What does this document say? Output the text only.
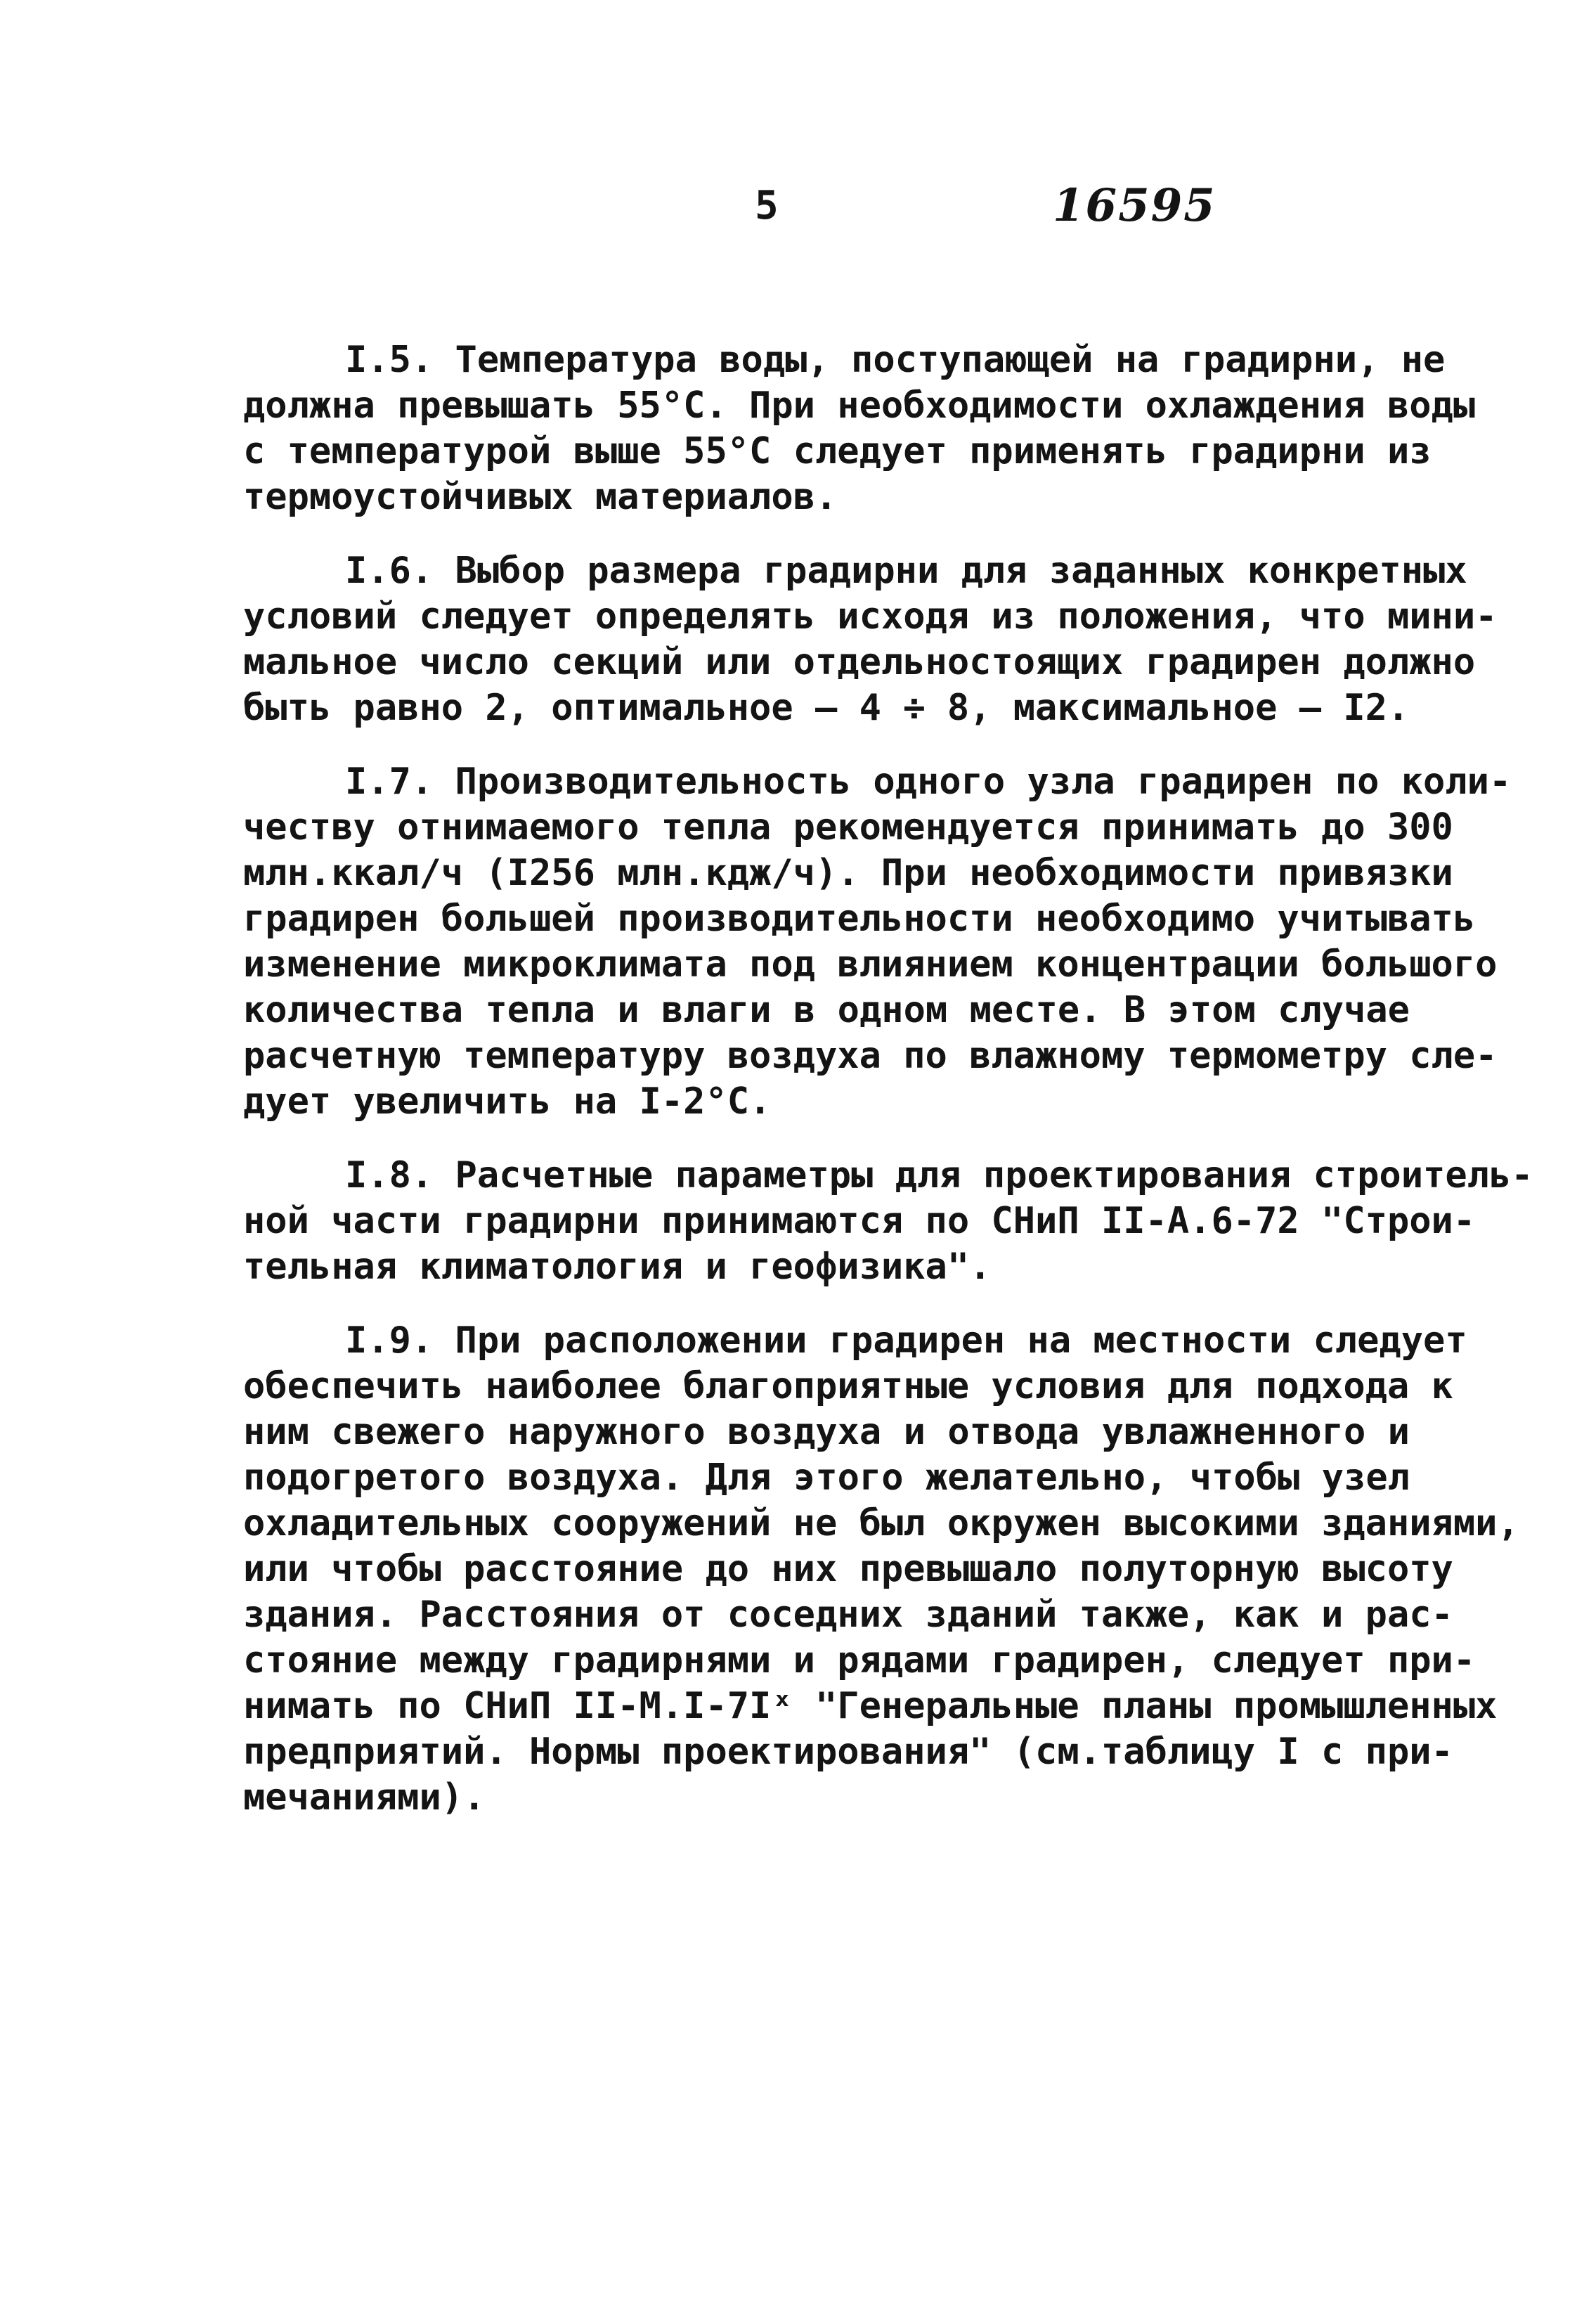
5	16595
I.5. Температура воды, поступающей на градирни, не
должна превышать 55°С. При необходимости охлаждения воды
с температурой выше 55°С следует применять градирни из
термоустойчивых материалов.
I.6. Выбор размера градирни для заданных конкретных
условий следует определять исходя из положения, что мини-
мальное число секций или отдельностоящих градирен должно
быть равно 2, оптимальное – 4 ÷ 8, максимальное – I2.
I.7. Производительность одного узла градирен по коли-
честву отнимаемого тепла рекомендуется принимать до 300
млн.ккал/ч (I256 млн.кдж/ч). При необходимости привязки
градирен большей производительности необходимо учитывать
изменение микроклимата под влиянием концентрации большого
количества тепла и влаги в одном месте. В этом случае
расчетную температуру воздуха по влажному термометру сле-
дует увеличить на I-2°С.
I.8. Расчетные параметры для проектирования строитель-
ной части градирни принимаются по СНиП II-А.6-72 "Строи-
тельная климатология и геофизика".
I.9. При расположении градирен на местности следует
обеспечить наиболее благоприятные условия для подхода к
ним свежего наружного воздуха и отвода увлажненного и
подогретого воздуха. Для этого желательно, чтобы узел
охладительных сооружений не был окружен высокими зданиями,
или чтобы расстояние до них превышало полуторную высоту
здания. Расстояния от соседних зданий также, как и рас-
стояние между градирнями и рядами градирен, следует при-
нимать по СНиП II-М.I-7Iˣ "Генеральные планы промышленных
предприятий. Нормы проектирования" (см.таблицу I с при-
мечаниями).
